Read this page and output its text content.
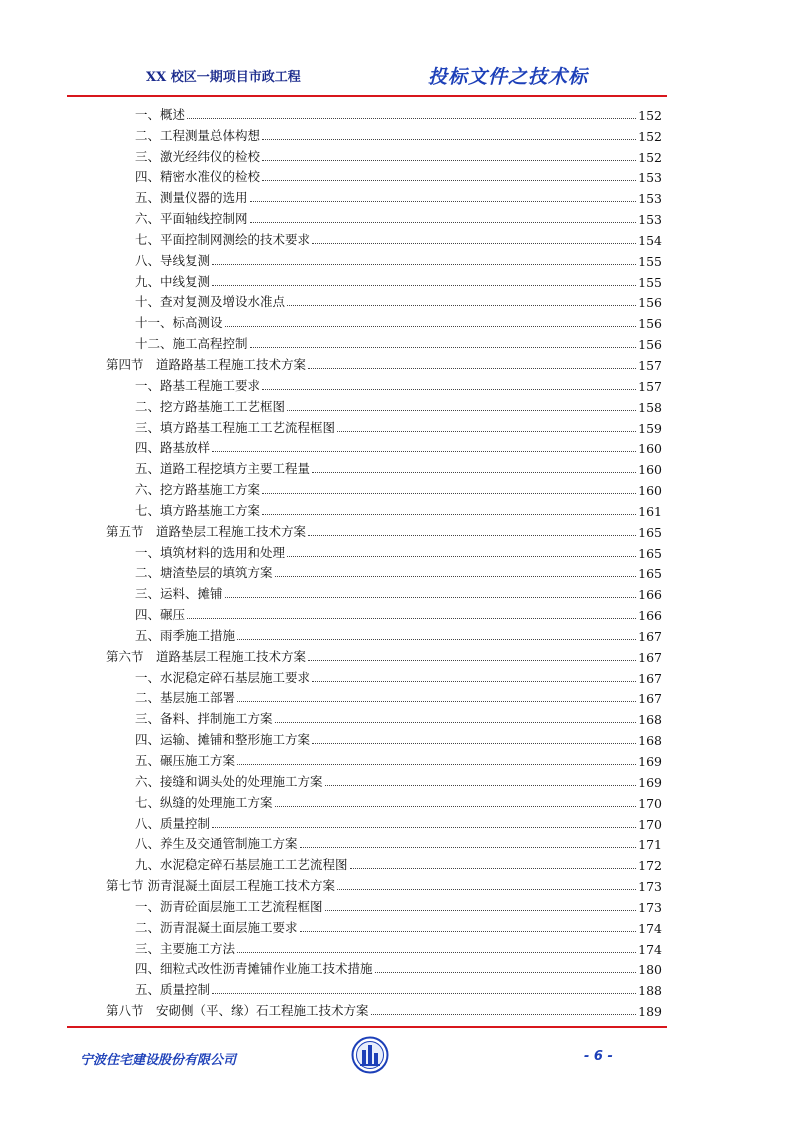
XX 校区一期项目市政工程	投标文件之技术标
一、概述	152
二、工程测量总体构想	152
三、激光经纬仪的检校	152
四、精密水准仪的检校	153
五、测量仪器的选用	153
六、平面轴线控制网	153
七、平面控制网测绘的技术要求	154
八、导线复测	155
九、中线复测	155
十、查对复测及增设水准点	156
十一、标高测设	156
十二、施工高程控制	156
第四节　道路路基工程施工技术方案	157
一、路基工程施工要求	157
二、挖方路基施工工艺框图	158
三、填方路基工程施工工艺流程框图	159
四、路基放样	160
五、道路工程挖填方主要工程量	160
六、挖方路基施工方案	160
七、填方路基施工方案	161
第五节　道路垫层工程施工技术方案	165
一、填筑材料的选用和处理	165
二、塘渣垫层的填筑方案	165
三、运料、摊铺	166
四、碾压	166
五、雨季施工措施	167
第六节　道路基层工程施工技术方案	167
一、水泥稳定碎石基层施工要求	167
二、基层施工部署	167
三、备料、拌制施工方案	168
四、运输、摊铺和整形施工方案	168
五、碾压施工方案	169
六、接缝和调头处的处理施工方案	169
七、纵缝的处理施工方案	170
八、质量控制	170
八、养生及交通管制施工方案	171
九、水泥稳定碎石基层施工工艺流程图	172
第七节 沥青混凝土面层工程施工技术方案	173
一、沥青砼面层施工工艺流程框图	173
二、沥青混凝土面层施工要求	174
三、主要施工方法	174
四、细粒式改性沥青摊铺作业施工技术措施	180
五、质量控制	188
第八节　安砌侧（平、缘）石工程施工技术方案	189
宁波住宅建设股份有限公司	- 6 -
